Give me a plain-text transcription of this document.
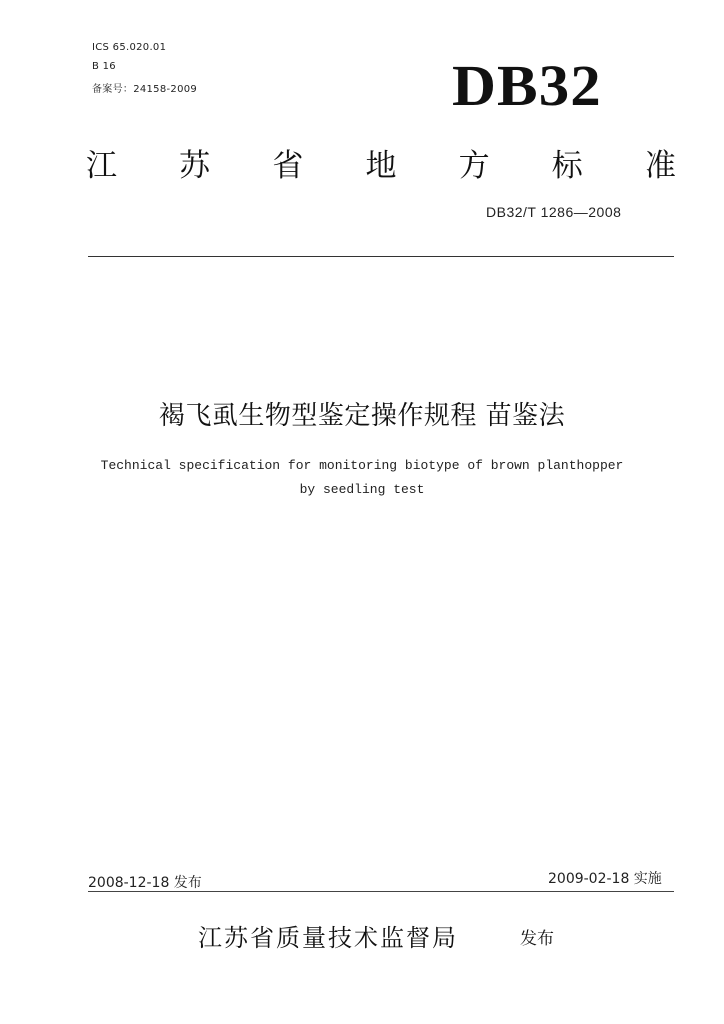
ICS 65.020.01
B 16
备案号：24158-2009	DB32
江 苏 省 地 方 标 准
DB32/T 1286—2008
褐飞虱生物型鉴定操作规程 苗鉴法
Technical specification for monitoring biotype of brown planthopper
by seedling test
2008-12-18 发布	2009-02-18 实施
江苏省质量技术监督局	发布
